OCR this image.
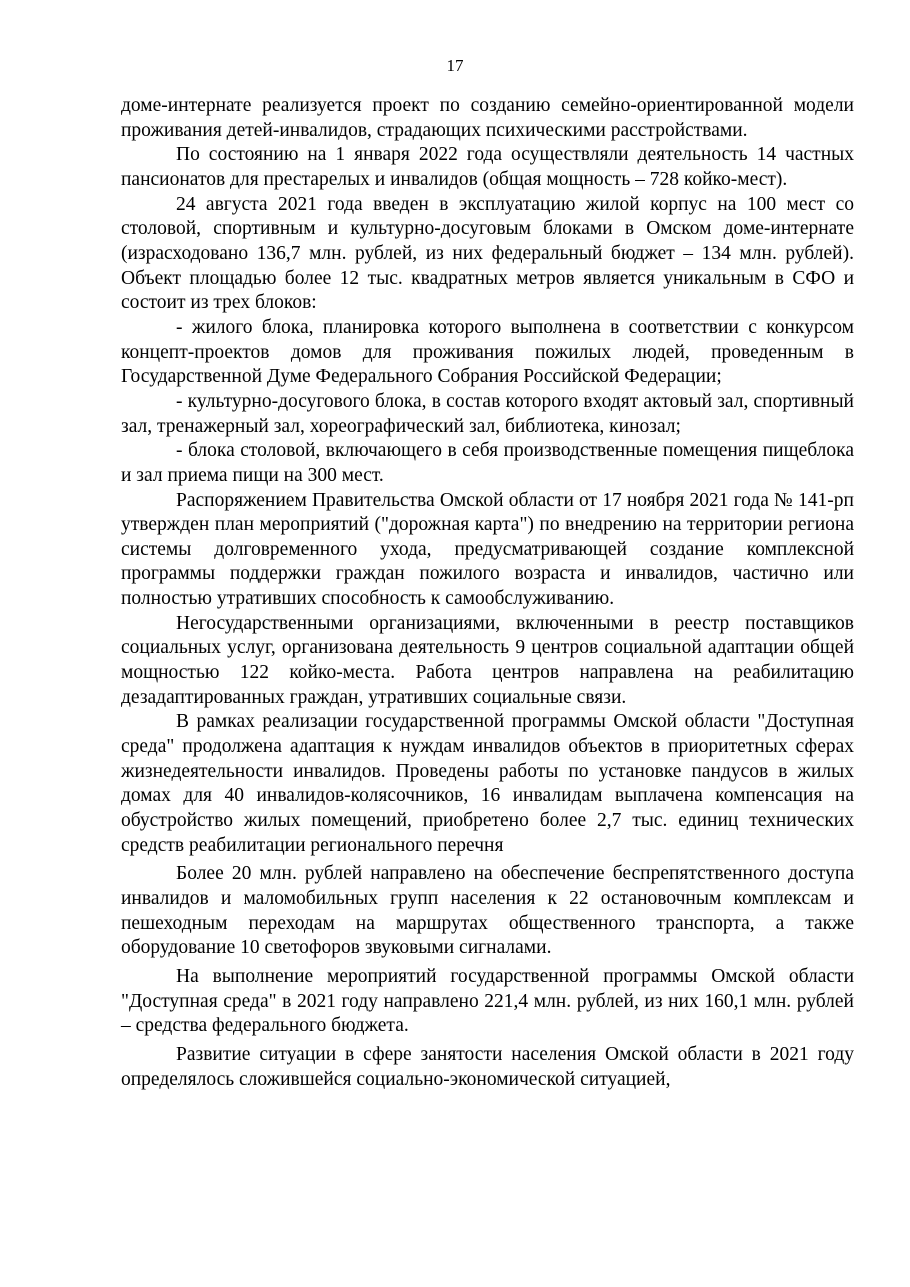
17

доме-интернате реализуется проект по созданию семейно-ориентированной модели проживания детей-инвалидов, страдающих психическими расстройствами.

По состоянию на 1 января 2022 года осуществляли деятельность 14 частных пансионатов для престарелых и инвалидов (общая мощность – 728 койко-мест).

24 августа 2021 года введен в эксплуатацию жилой корпус на 100 мест со столовой, спортивным и культурно-досуговым блоками в Омском доме-интернате (израсходовано 136,7 млн. рублей, из них федеральный бюджет – 134 млн. рублей). Объект площадью более 12 тыс. квадратных метров является уникальным в СФО и состоит из трех блоков:

- жилого блока, планировка которого выполнена в соответствии с конкурсом концепт-проектов домов для проживания пожилых людей, проведенным в Государственной Думе Федерального Собрания Российской Федерации;

- культурно-досугового блока, в состав которого входят актовый зал, спортивный зал, тренажерный зал, хореографический зал, библиотека, кинозал;

- блока столовой, включающего в себя производственные помещения пищеблока и зал приема пищи на 300 мест.

Распоряжением Правительства Омской области от 17 ноября 2021 года № 141-рп утвержден план мероприятий ("дорожная карта") по внедрению на территории региона системы долговременного ухода, предусматривающей создание комплексной программы поддержки граждан пожилого возраста и инвалидов, частично или полностью утративших способность к самообслуживанию.

Негосударственными организациями, включенными в реестр поставщиков социальных услуг, организована деятельность 9 центров социальной адаптации общей мощностью 122 койко-места. Работа центров направлена на реабилитацию дезадаптированных граждан, утративших социальные связи.

В рамках реализации государственной программы Омской области "Доступная среда" продолжена адаптация к нуждам инвалидов объектов в приоритетных сферах жизнедеятельности инвалидов. Проведены работы по установке пандусов в жилых домах для 40 инвалидов-колясочников, 16 инвалидам выплачена компенсация на обустройство жилых помещений, приобретено более 2,7 тыс. единиц технических средств реабилитации регионального перечня

Более 20 млн. рублей направлено на обеспечение беспрепятственного доступа инвалидов и маломобильных групп населения к 22 остановочным комплексам и пешеходным переходам на маршрутах общественного транспорта, а также оборудование 10 светофоров звуковыми сигналами.

На выполнение мероприятий государственной программы Омской области "Доступная среда" в 2021 году направлено 221,4 млн. рублей, из них 160,1 млн. рублей – средства федерального бюджета.

Развитие ситуации в сфере занятости населения Омской области в 2021 году определялось сложившейся социально-экономической ситуацией,
